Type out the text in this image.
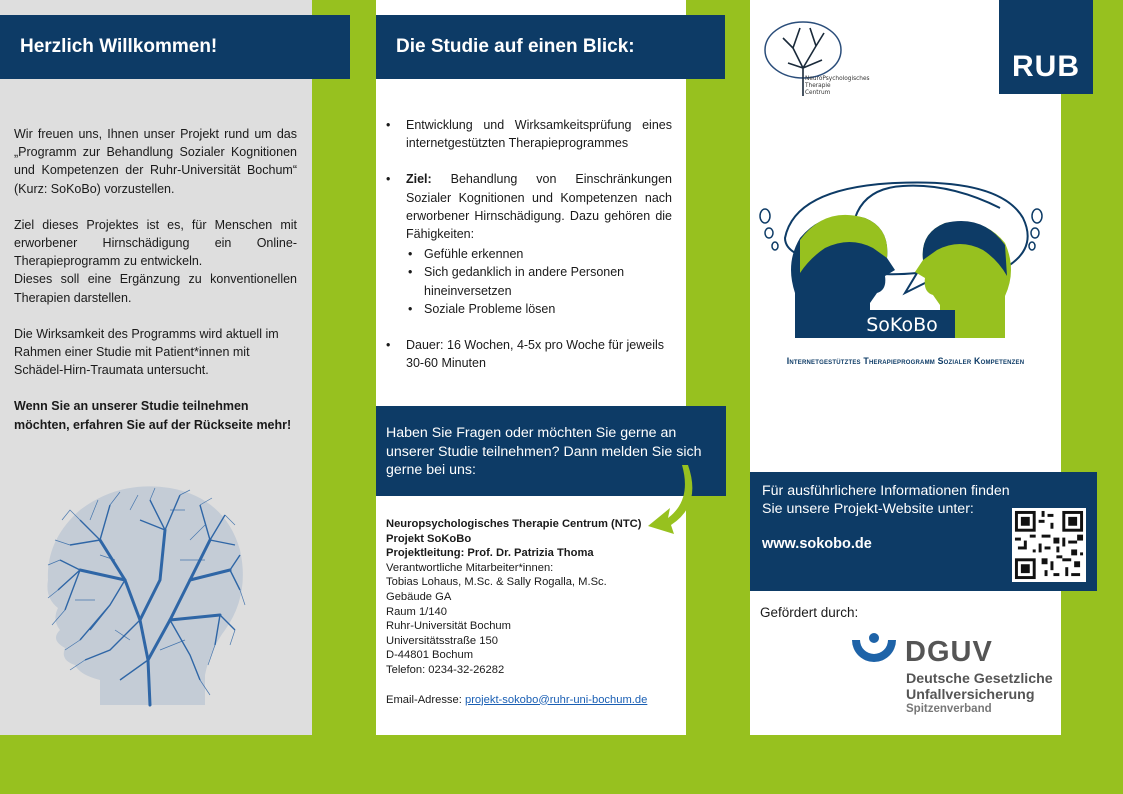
Herzlich Willkommen!

Wir freuen uns, Ihnen unser Projekt rund um das „Programm zur Behandlung Sozialer Kognitionen und Kompetenzen der Ruhr-Universität Bochum“ (Kurz: SoKoBo) vorzustellen.

Ziel dieses Projektes ist es, für Menschen mit erworbener Hirnschädigung ein Online-Therapieprogramm zu entwickeln.

Dieses soll eine Ergänzung zu konventionellen Therapien darstellen.

Die Wirksamkeit des Programms wird aktuell im Rahmen einer Studie mit Patient*innen mit Schädel-Hirn-Traumata untersucht.

Wenn Sie an unserer Studie teilnehmen möchten, erfahren Sie auf der Rückseite mehr!

Die Studie auf einen Blick:
• Entwicklung und Wirksamkeitsprüfung eines internetgestützten Therapieprogrammes
• Ziel: Behandlung von Einschränkungen Sozialer Kognitionen und Kompetenzen nach erworbener Hirnschädigung. Dazu gehören die Fähigkeiten:
• Gefühle erkennen
• Sich gedanklich in andere Personen hineinversetzen
• Soziale Probleme lösen
• Dauer: 16 Wochen, 4-5x pro Woche für jeweils 30-60 Minuten
Haben Sie Fragen oder möchten Sie gerne an unserer Studie teilnehmen? Dann melden Sie sich gerne bei uns:
Neuropsychologisches Therapie Centrum (NTC)
Projekt SoKoBo
Projektleitung: Prof. Dr. Patrizia Thoma
Verantwortliche Mitarbeiter*innen:
Tobias Lohaus, M.Sc. & Sally Rogalla, M.Sc.
Gebäude GA
Raum 1/140
Ruhr-Universität Bochum
Universitätsstraße 150
D-44801 Bochum
Telefon: 0234-32-26282
Email-Adresse: projekt-sokobo@ruhr-uni-bochum.de
NeuroPsychologisches
Therapie
Centrum
RUB
SoKoBo
Internetgestütztes Therapieprogramm Sozialer Kompetenzen
Für ausführlichere Informationen finden Sie unsere Projekt-Website unter:
www.sokobo.de
Gefördert durch:
DGUV
Deutsche Gesetzliche
Unfallversicherung
Spitzenverband
